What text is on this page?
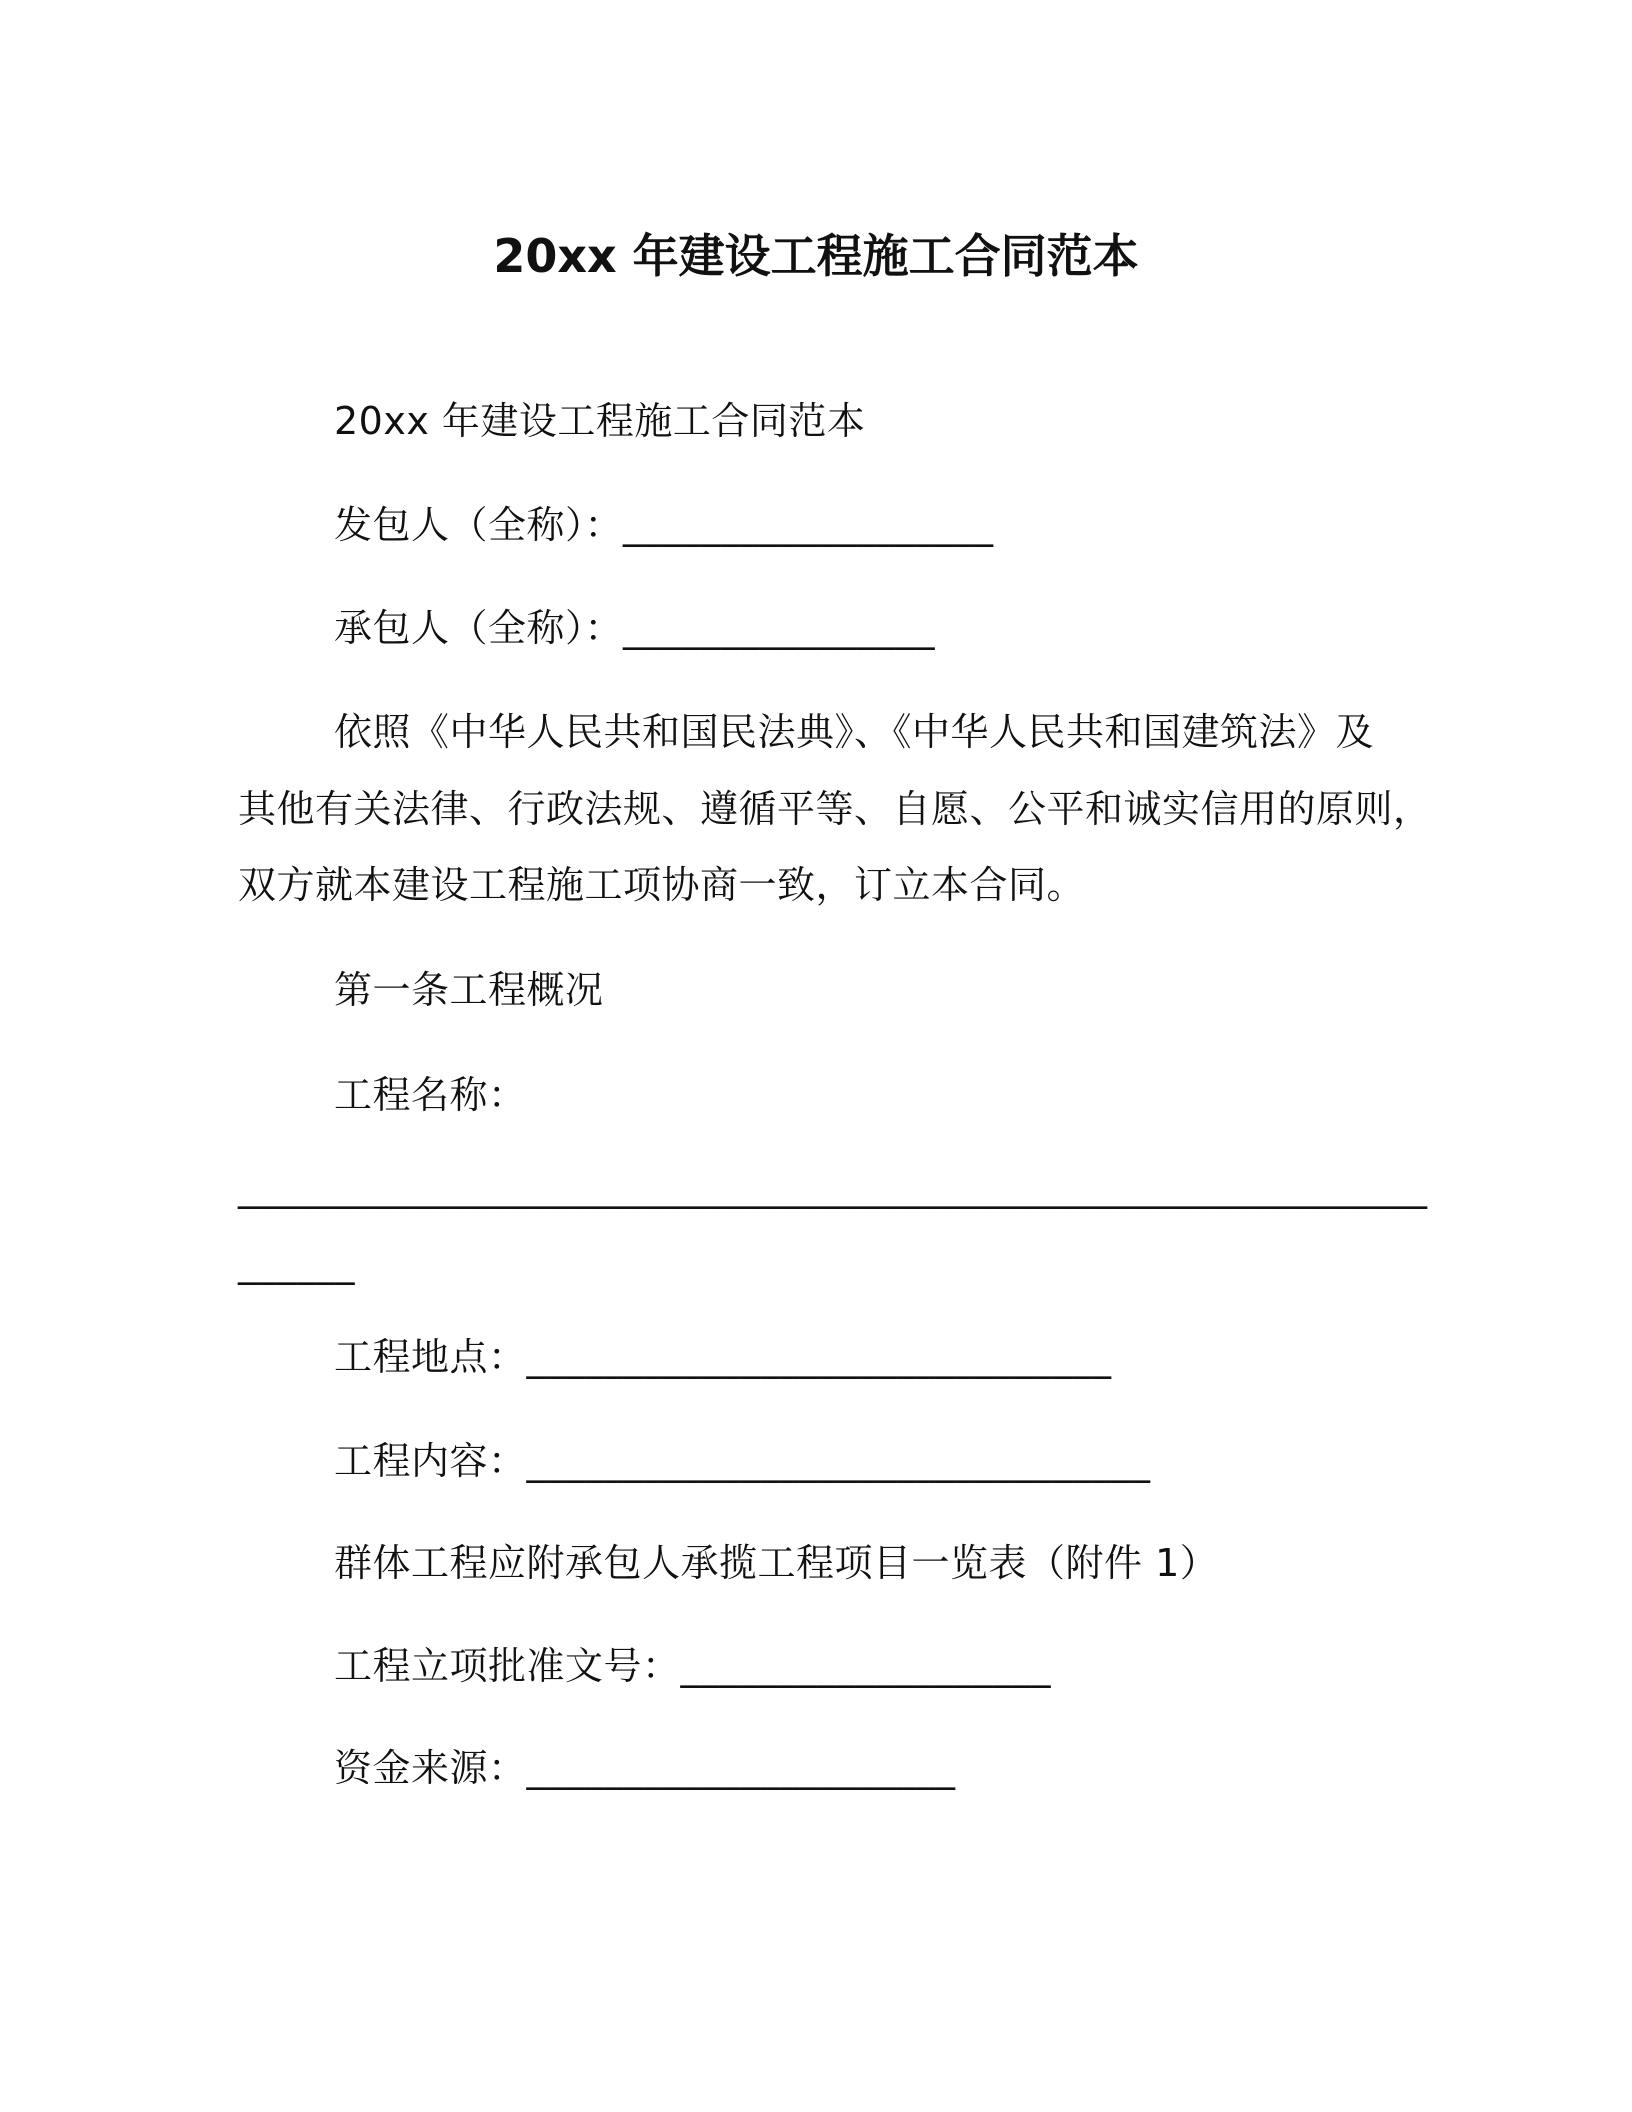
20xx 年建设工程施工合同范本
20xx 年建设工程施工合同范本
发包人（全称）：___________________
承包人（全称）：________________
依照《中华人民共和国民法典》、《中华人民共和国建筑法》及
其他有关法律、行政法规、遵循平等、自愿、公平和诚实信用的原则，
双方就本建设工程施工项协商一致，订立本合同。
第一条工程概况
工程名称：
_____________________________________________________________
______
工程地点：______________________________
工程内容：________________________________
群体工程应附承包人承揽工程项目一览表（附件 1）
工程立项批准文号：___________________
资金来源：______________________
